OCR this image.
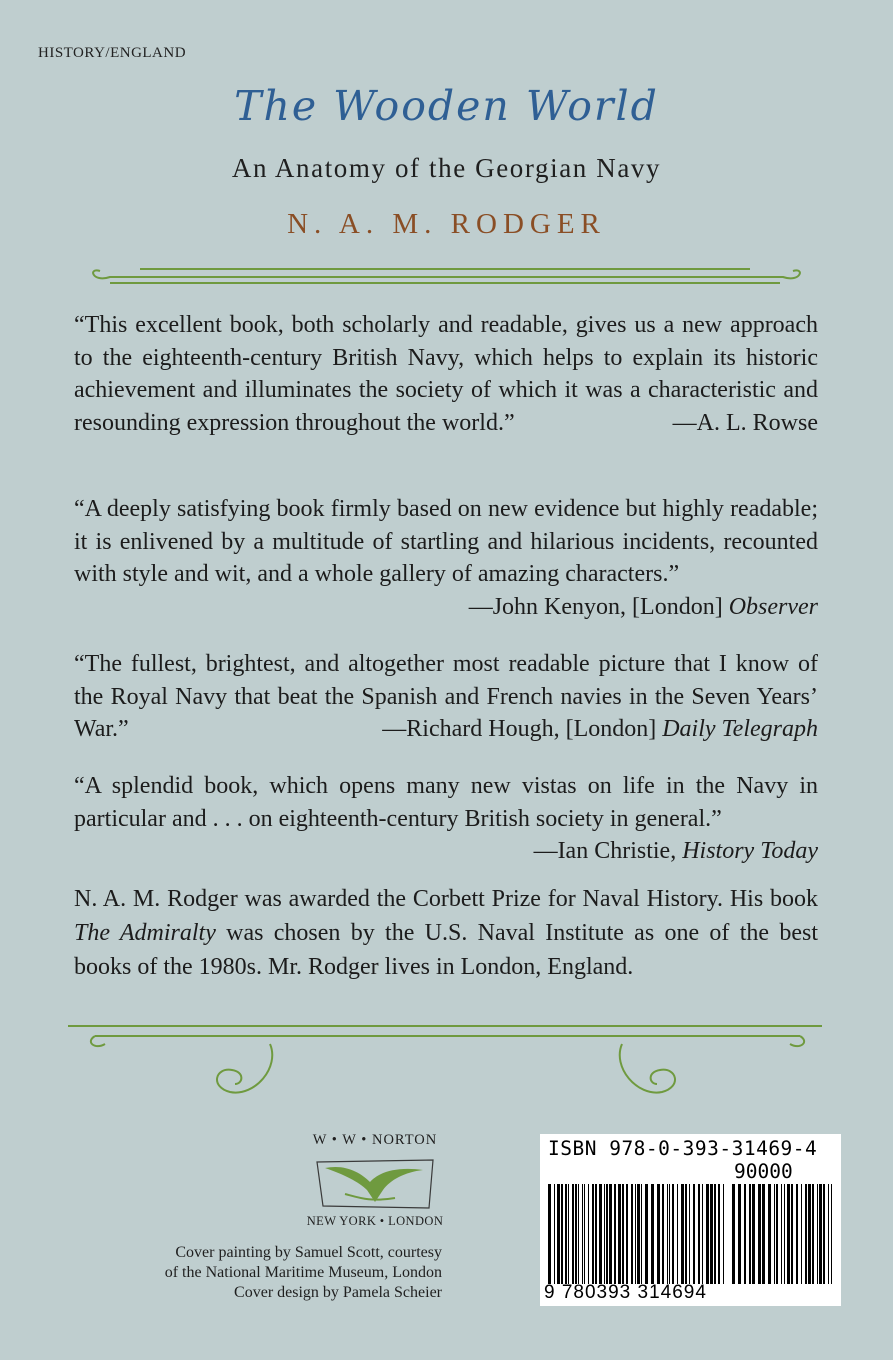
HISTORY/ENGLAND
The Wooden World
An Anatomy of the Georgian Navy
N. A. M. RODGER
“This excellent book, both scholarly and readable, gives us a new approach to the eighteenth-century British Navy, which helps to explain its historic achievement and illuminates the society of which it was a characteristic and resounding expression throughout the world.”	—A. L. Rowse
“A deeply satisfying book firmly based on new evidence but highly readable; it is enlivened by a multitude of startling and hilarious incidents, recounted with style and wit, and a whole gallery of amazing characters.”
—John Kenyon, [London] Observer
“The fullest, brightest, and altogether most readable picture that I know of the Royal Navy that beat the Spanish and French navies in the Seven Years’ War.”	—Richard Hough, [London] Daily Telegraph
“A splendid book, which opens many new vistas on life in the Navy in particular and . . . on eighteenth-century British society in general.”
—Ian Christie, History Today
N. A. M. Rodger was awarded the Corbett Prize for Naval History. His book The Admiralty was chosen by the U.S. Naval Institute as one of the best books of the 1980s. Mr. Rodger lives in London, England.
W • W • NORTON
NEW YORK • LONDON
Cover painting by Samuel Scott, courtesy
of the National Maritime Museum, London
Cover design by Pamela Scheier
ISBN 978-0-393-31469-4
90000
9 780393 314694
